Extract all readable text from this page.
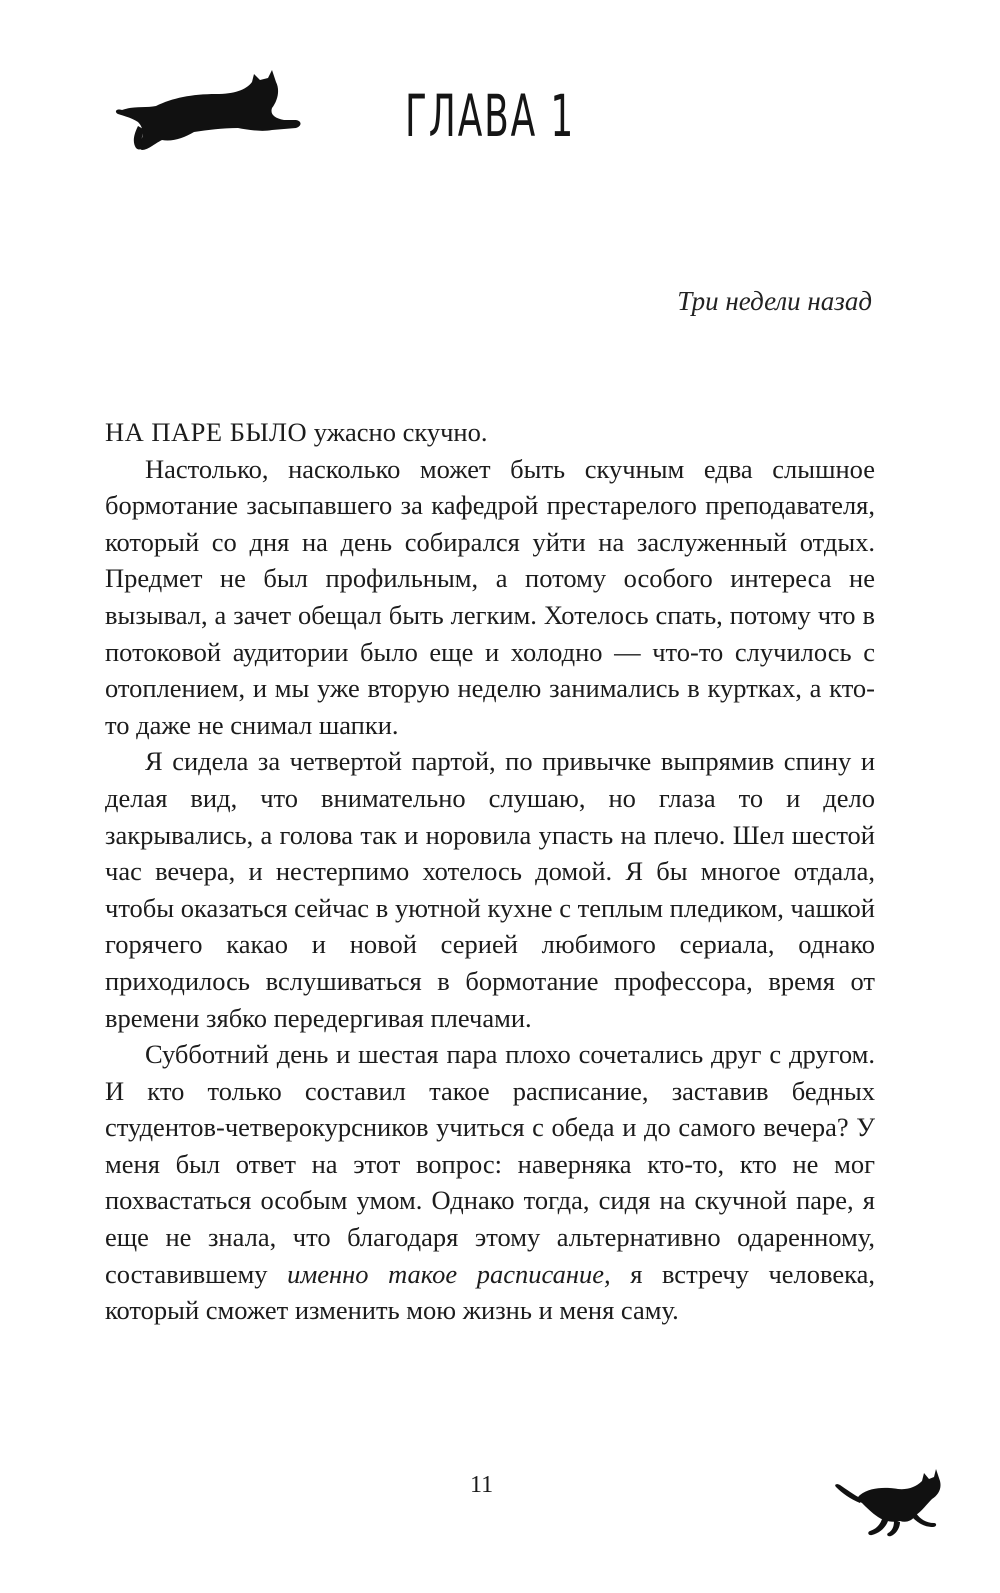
ГЛАВА 1

Три недели назад

НА ПАРЕ БЫЛО ужасно скучно.

Настолько, насколько может быть скучным едва слышное бормотание засыпавшего за кафедрой престарелого преподавателя, который со дня на день собирался уйти на заслуженный отдых. Предмет не был профильным, а потому особого интереса не вызывал, а зачет обещал быть легким. Хотелось спать, потому что в потоковой аудитории было еще и холодно — что-то случилось с отоплением, и мы уже вторую неделю занимались в куртках, а кто-то даже не снимал шапки.

Я сидела за четвертой партой, по привычке выпрямив спину и делая вид, что внимательно слушаю, но глаза то и дело закрывались, а голова так и норовила упасть на плечо. Шел шестой час вечера, и нестерпимо хотелось домой. Я бы многое отдала, чтобы оказаться сейчас в уютной кухне с теплым пледиком, чашкой горячего какао и новой серией любимого сериала, однако приходилось вслушиваться в бормотание профессора, время от времени зябко передергивая плечами.

Субботний день и шестая пара плохо сочетались друг с другом. И кто только составил такое расписание, заставив бедных студентов-четверокурсников учиться с обеда и до самого вечера? У меня был ответ на этот вопрос: наверняка кто-то, кто не мог похвастаться особым умом. Однако тогда, сидя на скучной паре, я еще не знала, что благодаря этому альтернативно одаренному, составившему именно такое расписание, я встречу человека, который сможет изменить мою жизнь и меня саму.

11
